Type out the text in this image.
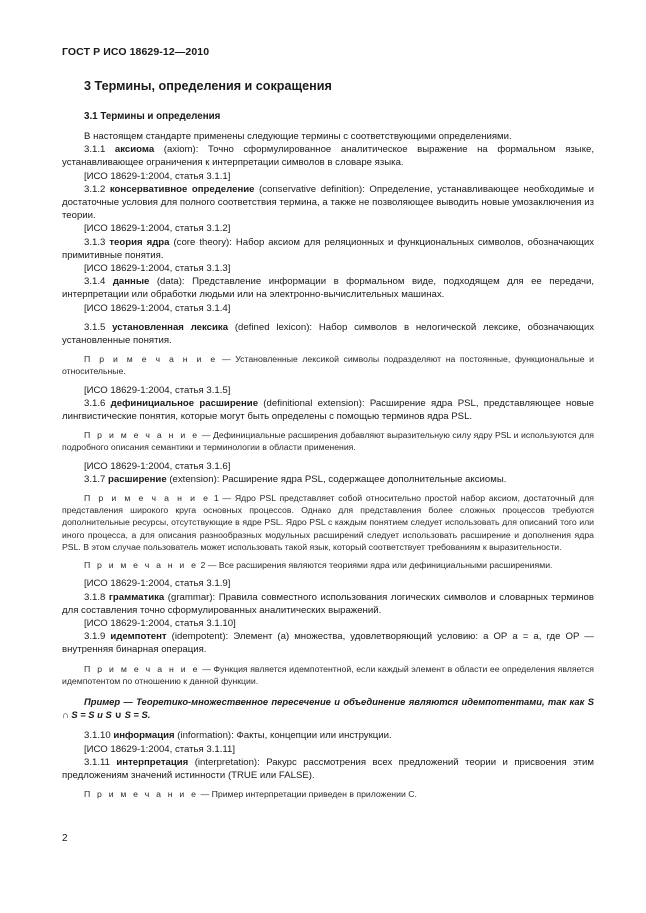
ГОСТ Р ИСО 18629-12—2010
3 Термины, определения и сокращения
3.1 Термины и определения

В настоящем стандарте применены следующие термины с соответствующими определениями.

3.1.1 аксиома (axiom): Точно сформулированное аналитическое выражение на формальном языке, устанавливающее ограничения к интерпретации символов в словаре языка.

[ИСО 18629-1:2004, статья 3.1.1]

3.1.2 консервативное определение (conservative definition): Определение, устанавливающее необходимые и достаточные условия для полного соответствия термина, а также не позволяющее выводить новые умозаключения из теории.

[ИСО 18629-1:2004, статья 3.1.2]

3.1.3 теория ядра (core theory): Набор аксиом для реляционных и функциональных символов, обозначающих примитивные понятия.

[ИСО 18629-1:2004, статья 3.1.3]

3.1.4 данные (data): Представление информации в формальном виде, подходящем для ее передачи, интерпретации или обработки людьми или на электронно-вычислительных машинах.

[ИСО 18629-1:2004, статья 3.1.4]

3.1.5 установленная лексика (defined lexicon): Набор символов в нелогической лексике, обозначающих установленные понятия.

П р и м е ч а н и е — Установленные лексикой символы подразделяют на постоянные, функциональные и относительные.

[ИСО 18629-1:2004, статья 3.1.5]

3.1.6 дефинициальное расширение (definitional extension): Расширение ядра PSL, представляющее новые лингвистические понятия, которые могут быть определены с помощью терминов ядра PSL.

П р и м е ч а н и е — Дефинициальные расширения добавляют выразительную силу ядру PSL и используются для подробного описания семантики и терминологии в области применения.

[ИСО 18629-1:2004, статья 3.1.6]

3.1.7 расширение (extension): Расширение ядра PSL, содержащее дополнительные аксиомы.

П р и м е ч а н и е 1 — Ядро PSL представляет собой относительно простой набор аксиом, достаточный для представления широкого круга основных процессов. Однако для представления более сложных процессов требуются дополнительные ресурсы, отсутствующие в ядре PSL. Ядро PSL с каждым понятием следует использовать для описаний того или иного процесса, а для описания разнообразных модульных расширений следует использовать расширение и дополнения ядра PSL. В этом случае пользователь может использовать такой язык, который соответствует требованиям к выразительности.

П р и м е ч а н и е 2 — Все расширения являются теориями ядра или дефинициальными расширениями.

[ИСО 18629-1:2004, статья 3.1.9]

3.1.8 грамматика (grammar): Правила совместного использования логических символов и словарных терминов для составления точно сформулированных аналитических выражений.

[ИСО 18629-1:2004, статья 3.1.10]

3.1.9 идемпотент (idempotent): Элемент (а) множества, удовлетворяющий условию: а ОР а = а, где ОР — внутренняя бинарная операция.

П р и м е ч а н и е — Функция является идемпотентной, если каждый элемент в области ее определения является идемпотентом по отношению к данной функции.

Пример — Теоретико-множественное пересечение и объединение являются идемпотентами, так как S ∩ S = S и S ∪ S = S.

3.1.10 информация (information): Факты, концепции или инструкции.

[ИСО 18629-1:2004, статья 3.1.11]

3.1.11 интерпретация (interpretation): Ракурс рассмотрения всех предложений теории и присвоения этим предложениям значений истинности (TRUE или FALSE).

П р и м е ч а н и е — Пример интерпретации приведен в приложении С.

2
